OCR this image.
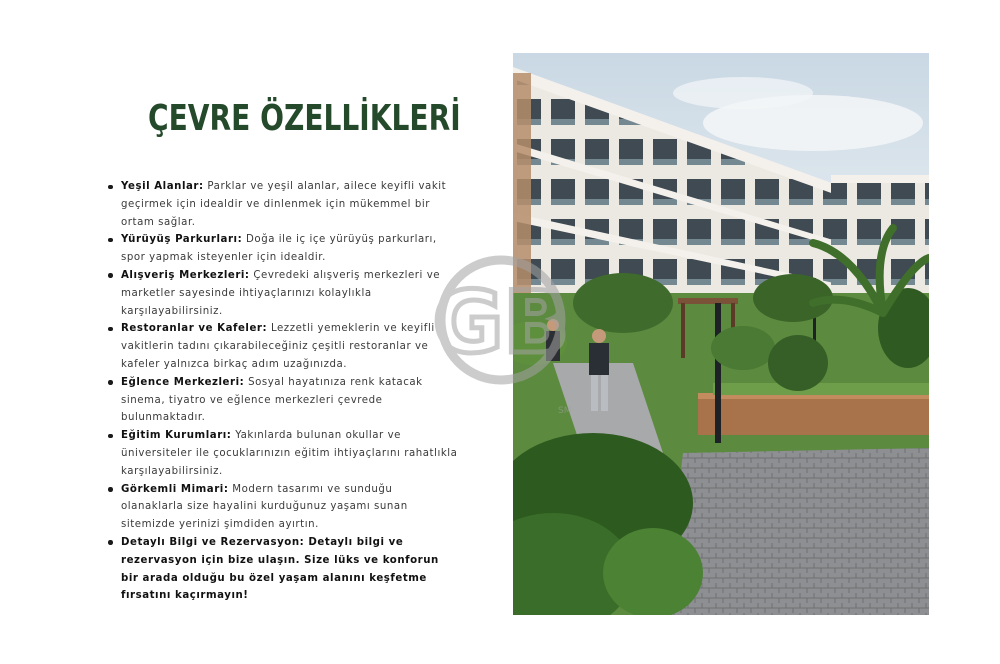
ÇEVRE ÖZELLİKLERİ
Yeşil Alanlar: Parklar ve yeşil alanlar, ailece keyifli vakit geçirmek için idealdir ve dinlenmek için mükemmel bir ortam sağlar.
Yürüyüş Parkurları: Doğa ile iç içe yürüyüş parkurları, spor yapmak isteyenler için idealdir.
Alışveriş Merkezleri: Çevredeki alışveriş merkezleri ve marketler sayesinde ihtiyaçlarınızı kolaylıkla karşılayabilirsiniz.
Restoranlar ve Kafeler: Lezzetli yemeklerin ve keyifli vakitlerin tadını çıkarabileceğiniz çeşitli restoranlar ve kafeler yalnızca birkaç adım uzağınızda.
Eğlence Merkezleri: Sosyal hayatınıza renk katacak sinema, tiyatro ve eğlence merkezleri çevrede bulunmaktadır.
Eğitim Kurumları: Yakınlarda bulunan okullar ve üniversiteler ile çocuklarınızın eğitim ihtiyaçlarını rahatlıkla karşılayabilirsiniz.
Görkemli Mimari: Modern tasarımı ve sunduğu olanaklarla size hayalini kurduğunuz yaşamı sunan sitemizde yerinizi şimdiden ayırtın.
Detaylı Bilgi ve Rezervasyon: Detaylı bilgi ve rezervasyon için bize ulaşın. Size lüks ve konforun bir arada olduğu bu özel yaşam alanını keşfetme fırsatını kaçırmayın!
GB
SM
